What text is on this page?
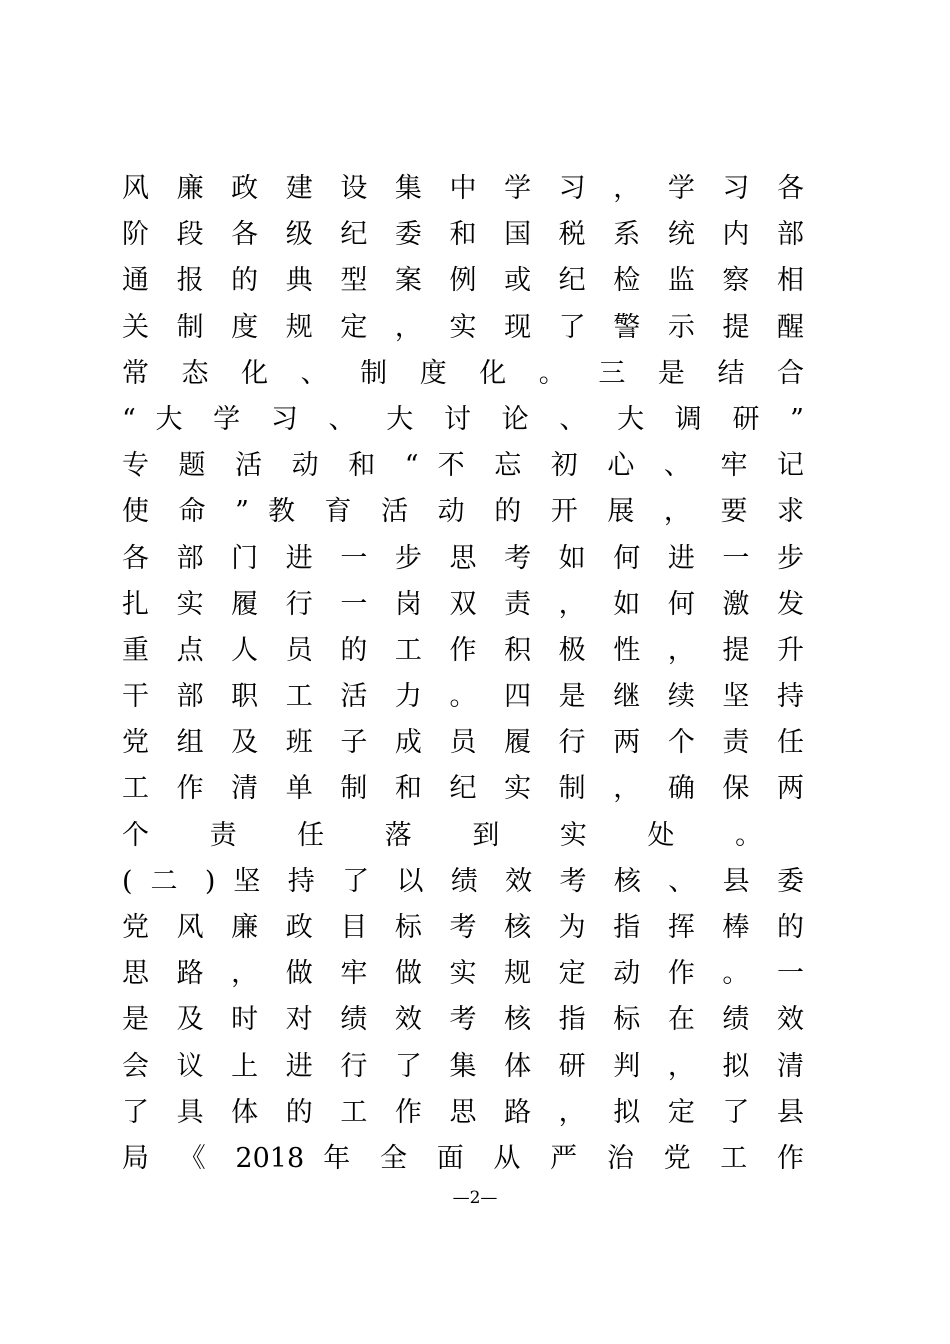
风 廉 政 建 设 集 中 学 习 ， 学 习 各
阶 段 各 级 纪 委 和 国 税 系 统 内 部
通 报 的 典 型 案 例 或 纪 检 监 察 相
关 制 度 规 定 ， 实 现 了 警 示 提 醒
常 态 化 、 制 度 化 。 三 是 结 合
“ 大 学 习 、 大 讨 论 、 大 调 研 ”
专 题 活 动 和 “ 不 忘 初 心 、 牢 记
使 命 ” 教 育 活 动 的 开 展 ， 要 求
各 部 门 进 一 步 思 考 如 何 进 一 步
扎 实 履 行 一 岗 双 责 ， 如 何 激 发
重 点 人 员 的 工 作 积 极 性 ， 提 升
干 部 职 工 活 力 。 四 是 继 续 坚 持
党 组 及 班 子 成 员 履 行 两 个 责 任
工 作 清 单 制 和 纪 实 制 ， 确 保 两
个 责 任 落 到 实 处 。
( 二 ) 坚 持 了 以 绩 效 考 核 、 县 委
党 风 廉 政 目 标 考 核 为 指 挥 棒 的
思 路 ， 做 牢 做 实 规 定 动 作 。 一
是 及 时 对 绩 效 考 核 指 标 在 绩 效
会 议 上 进 行 了 集 体 研 判 ， 拟 清
了 具 体 的 工 作 思 路 ， 拟 定 了 县
局 《 2018 年 全 面 从 严 治 党 工 作
—2—
